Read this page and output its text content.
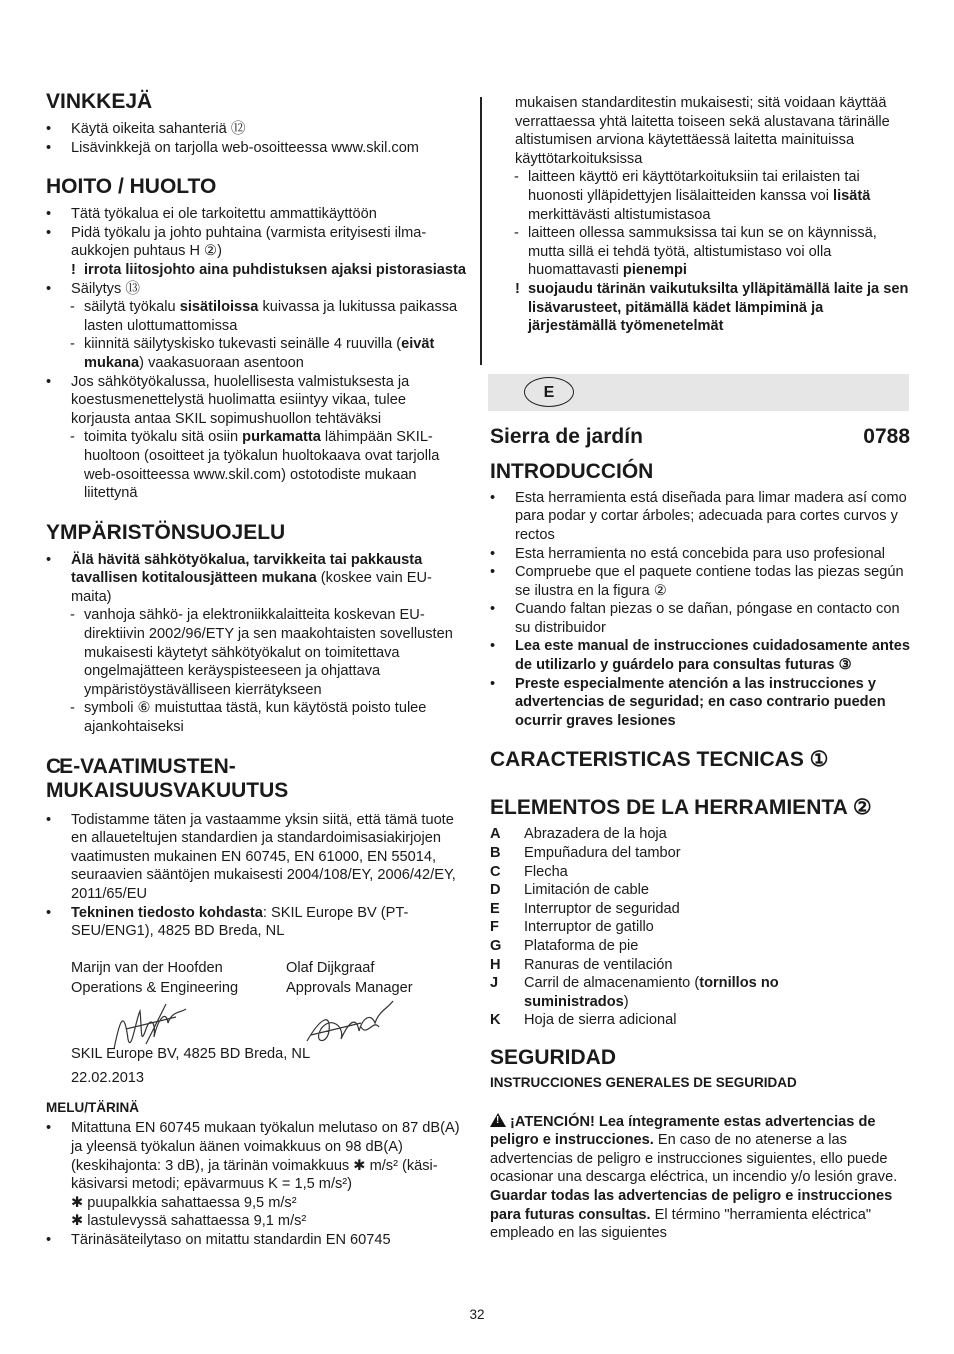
VINKKEJÄ
• Käytä oikeita sahanteriä ⑫
• Lisävinkkejä on tarjolla web-osoitteessa www.skil.com
HOITO / HUOLTO
• Tätä työkalua ei ole tarkoitettu ammattikäyttöön
• Pidä työkalu ja johto puhtaina (varmista erityisesti ilma-aukkojen puhtaus H ②)
! irrota liitosjohto aina puhdistuksen ajaksi pistorasiasta
• Säilytys ⑬
- säilytä työkalu sisätiloissa kuivassa ja lukitussa paikassa lasten ulottumattomissa
- kiinnitä säilytyskisko tukevasti seinälle 4 ruuvilla (eivät mukana) vaakasuoraan asentoon
• Jos sähkötyökalussa, huolellisesta valmistuksesta ja koestusmenettelystä huolimatta esiintyy vikaa, tulee korjausta antaa SKIL sopimushuollon tehtäväksi
- toimita työkalu sitä osiin purkamatta lähimpään SKIL-huoltoon (osoitteet ja työkalun huoltokaava ovat tarjolla web-osoitteessa www.skil.com) ostotodiste mukaan liitettynä
YMPÄRISTÖNSUOJELU
• Älä hävitä sähkötyökalua, tarvikkeita tai pakkausta tavallisen kotitalousjätteen mukana (koskee vain EU-maita)
- vanhoja sähkö- ja elektroniikkalaitteita koskevan EU-direktiivin 2002/96/ETY ja sen maakohtaisten sovellusten mukaisesti käytetyt sähkötyökalut on toimitettava ongelmajätteen keräyspisteeseen ja ohjattava ympäristöystävälliseen kierrätykseen
- symboli ⑥ muistuttaa tästä, kun käytöstä poisto tulee ajankohtaiseksi
CE-VAATIMUSTEN-
MUKAISUUSVAKUUTUS
• Todistamme täten ja vastaamme yksin siitä, että tämä tuote en allaueteltujen standardien ja standardoimisasiakirjojen vaatimusten mukainen EN 60745, EN 61000, EN 55014, seuraavien sääntöjen mukaisesti 2004/108/EY, 2006/42/EY, 2011/65/EU
• Tekninen tiedosto kohdasta: SKIL Europe BV (PT-SEU/ENG1), 4825 BD Breda, NL
Marijn van der Hoofden
Operations & Engineering
Olaf Dijkgraaf
Approvals Manager
SKIL Europe BV, 4825 BD Breda, NL
22.02.2013
MELU/TÄRINÄ
• Mitattuna EN 60745 mukaan työkalun melutaso on 87 dB(A) ja yleensä työkalun äänen voimakkuus on 98 dB(A) (keskihajonta: 3 dB), ja tärinän voimakkuus ✱ m/s² (käsi-käsivarsi metodi; epävarmuus K = 1,5 m/s²)
✱ puupalkkia sahattaessa 9,5 m/s²
✱ lastulevyssä sahattaessa 9,1 m/s²
• Tärinäsäteilytaso on mitattu standardin EN 60745
mukaisen standarditestin mukaisesti; sitä voidaan käyttää verrattaessa yhtä laitetta toiseen sekä alustavana tärinälle altistumisen arviona käytettäessä laitetta mainituissa käyttötarkoituksissa
- laitteen käyttö eri käyttötarkoituksiin tai erilaisten tai huonosti ylläpidettyjen lisälaitteiden kanssa voi lisätä merkittävästi altistumistasoa
- laitteen ollessa sammuksissa tai kun se on käynnissä, mutta sillä ei tehdä työtä, altistumistaso voi olla huomattavasti pienempi
! suojaudu tärinän vaikutuksilta ylläpitämällä laite ja sen lisävarusteet, pitämällä kädet lämpiminä ja järjestämällä työmenetelmät
E
Sierra de jardín	0788
INTRODUCCIÓN
• Esta herramienta está diseñada para limar madera así como para podar y cortar árboles; adecuada para cortes curvos y rectos
• Esta herramienta no está concebida para uso profesional
• Compruebe que el paquete contiene todas las piezas según se ilustra en la figura ②
• Cuando faltan piezas o se dañan, póngase en contacto con su distribuidor
• Lea este manual de instrucciones cuidadosamente antes de utilizarlo y guárdelo para consultas futuras ③
• Preste especialmente atención a las instrucciones y advertencias de seguridad; en caso contrario pueden ocurrir graves lesiones
CARACTERISTICAS TECNICAS ①
ELEMENTOS DE LA HERRAMIENTA ②
A	Abrazadera de la hoja
B	Empuñadura del tambor
C	Flecha
D	Limitación de cable
E	Interruptor de seguridad
F	Interruptor de gatillo
G	Plataforma de pie
H	Ranuras de ventilación
J	Carril de almacenamiento (tornillos no suministrados)
K	Hoja de sierra adicional
SEGURIDAD
INSTRUCCIONES GENERALES DE SEGURIDAD
!¡ATENCIÓN! Lea íntegramente estas advertencias de peligro e instrucciones. En caso de no atenerse a las advertencias de peligro e instrucciones siguientes, ello puede ocasionar una descarga eléctrica, un incendio y/o lesión grave. Guardar todas las advertencias de peligro e instrucciones para futuras consultas. El término "herramienta eléctrica" empleado en las siguientes
32
